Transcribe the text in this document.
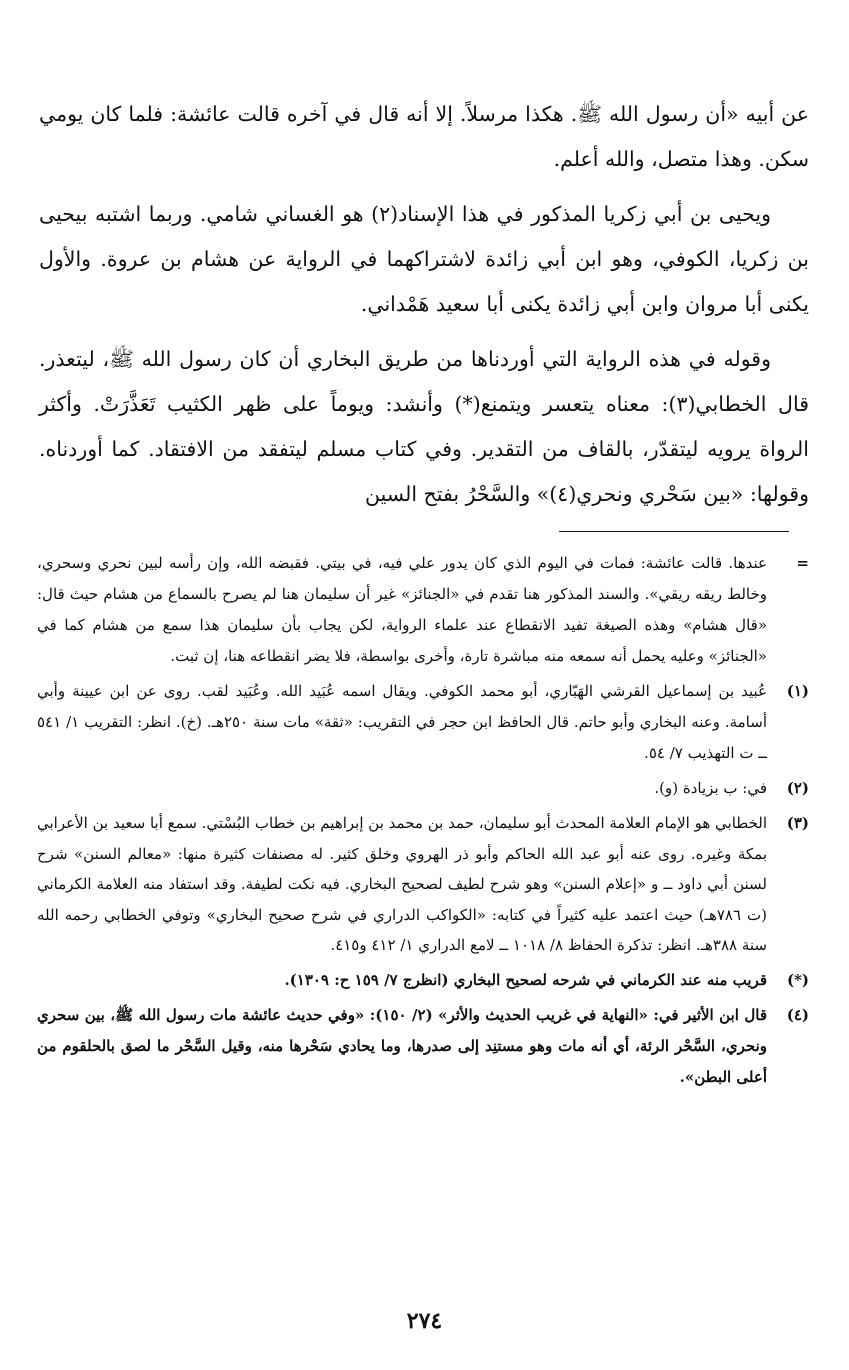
عن أبيه «أن رسول الله ﷺ. هكذا مرسلاً. إلا أنه قال في آخره قالت عائشة: فلما كان يومي سكن. وهذا متصل، والله أعلم.

ويحيى بن أبي زكريا المذكور في هذا الإسناد(٢) هو الغساني شامي. وربما اشتبه بيحيى بن زكريا، الكوفي، وهو ابن أبي زائدة لاشتراكهما في الرواية عن هشام بن عروة. والأول يكنى أبا مروان وابن أبي زائدة يكنى أبا سعيد هَمْداني.

وقوله في هذه الرواية التي أوردناها من طريق البخاري أن كان رسول الله ﷺ، ليتعذر. قال الخطابي(٣): معناه يتعسر ويتمنع(*) وأنشد: ويوماً على ظهر الكثيب تَعَذَّرَتْ. وأكثر الرواة يرويه ليتقدّر، بالقاف من التقدير. وفي كتاب مسلم ليتفقد من الافتقاد. كما أوردناه. وقولها: «بين سَحْري ونحري(٤)» والسَّحْرُ بفتح السين

=
عندها. قالت عائشة: فمات في اليوم الذي كان يدور علي فيه، في بيتي. فقبضه الله، وإن رأسه لبين نحري وسحري، وخالط ريقه ريقي». والسند المذكور هنا تقدم في «الجنائز» غير أن سليمان هنا لم يصرح بالسماع من هشام حيث قال: «قال هشام» وهذه الصيغة تفيد الانقطاع عند علماء الرواية، لكن يجاب بأن سليمان هذا سمع من هشام كما في «الجنائز» وعليه يحمل أنه سمعه منه مباشرة تارة، وأخرى بواسطة، فلا يضر انقطاعه هنا، إن ثبت.
(١)
عُبيد بن إسماعيل القرشي الهَبّاري، أبو محمد الكوفي. ويقال اسمه عُبَيد الله. وعُبَيد لقب. روى عن ابن عيينة وأبي أسامة. وعنه البخاري وأبو حاتم. قال الحافظ ابن حجر في التقريب: «ثقة» مات سنة ٢٥٠هـ. (خ). انظر: التقريب ١/ ٥٤١ ــ ت التهذيب ٧/ ٥٤.
(٢)
في: ب بزيادة (و).
(٣)
الخطابي هو الإمام العلامة المحدث أبو سليمان، حمد بن محمد بن إبراهيم بن خطاب البُسْتي. سمع أبا سعيد بن الأعرابي بمكة وغيره. روى عنه أبو عبد الله الحاكم وأبو ذر الهروي وخلق كثير. له مصنفات كثيرة منها: «معالم السنن» شرح لسنن أبي داود ــ و «إعلام السنن» وهو شرح لطيف لصحيح البخاري. فيه نكت لطيفة. وقد استفاد منه العلامة الكرماني (ت ٧٨٦هـ) حيث اعتمد عليه كثيراً في كتابه: «الكواكب الدراري في شرح صحيح البخاري» وتوفي الخطابي رحمه الله سنة ٣٨٨هـ. انظر: تذكرة الحفاظ ٨/ ١٠١٨ ــ لامع الدراري ١/ ٤١٢ و٤١٥.
(*)
قريب منه عند الكرماني في شرحه لصحيح البخاري (انظرج ٧/ ١٥٩ ح: ١٣٠٩).
(٤)
قال ابن الأثير في: «النهاية في غريب الحديث والأثر» (٢/ ١٥٠): «وفي حديث عائشة مات رسول الله ﷺ، بين سحري ونحري، السَّحْر الرئة، أي أنه مات وهو مستنِد إلى صدرها، وما يحادي سَحْرها منه، وقيل السَّحْر ما لصق بالحلقوم من أعلى البطن».
٢٧٤
